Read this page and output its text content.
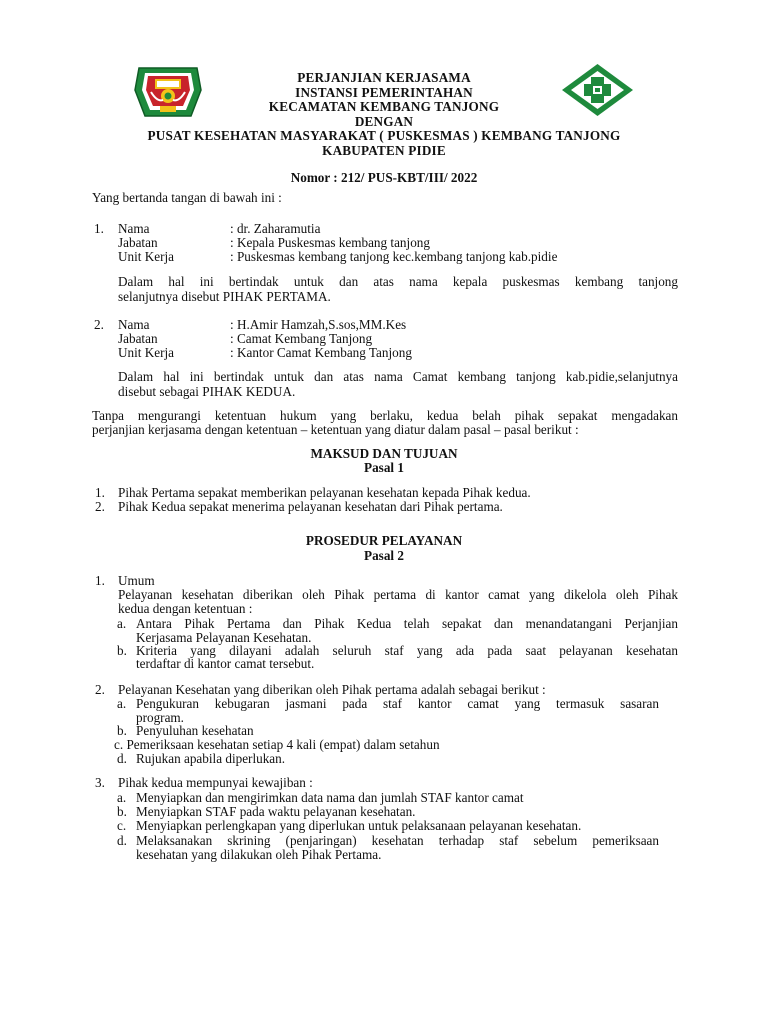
PERJANJIAN KERJASAMA
INSTANSI PEMERINTAHAN
KECAMATAN KEMBANG TANJONG
DENGAN
PUSAT KESEHATAN MASYARAKAT ( PUSKESMAS ) KEMBANG TANJONG
KABUPATEN PIDIE
Nomor : 212/ PUS-KBT/III/ 2022
Yang bertanda tangan di bawah ini :
1. Nama	: dr. Zaharamutia
Jabatan	: Kepala Puskesmas kembang tanjong
Unit Kerja	: Puskesmas kembang tanjong kec.kembang tanjong kab.pidie
Dalam hal ini bertindak untuk dan atas nama kepala puskesmas kembang tanjong
selanjutnya disebut PIHAK PERTAMA.
2. Nama	: H.Amir Hamzah,S.sos,MM.Kes
Jabatan	: Camat Kembang Tanjong
Unit Kerja	: Kantor Camat Kembang Tanjong
Dalam hal ini bertindak untuk dan atas nama Camat kembang tanjong kab.pidie,selanjutnya
disebut sebagai PIHAK KEDUA.
Tanpa mengurangi ketentuan hukum yang berlaku, kedua belah pihak sepakat mengadakan
perjanjian kerjasama dengan ketentuan – ketentuan yang diatur dalam pasal – pasal berikut :
MAKSUD DAN TUJUAN
Pasal 1
1. Pihak Pertama sepakat memberikan pelayanan kesehatan kepada Pihak kedua.
2. Pihak Kedua sepakat menerima pelayanan kesehatan dari Pihak pertama.
PROSEDUR PELAYANAN
Pasal 2
1. Umum
Pelayanan kesehatan diberikan oleh Pihak pertama di kantor camat yang dikelola oleh Pihak
kedua dengan ketentuan :
a. Antara Pihak Pertama dan Pihak Kedua telah sepakat dan menandatangani Perjanjian
Kerjasama Pelayanan Kesehatan.
b. Kriteria yang dilayani adalah seluruh staf yang ada pada saat pelayanan kesehatan
terdaftar di kantor camat tersebut.
2. Pelayanan Kesehatan yang diberikan oleh Pihak pertama adalah sebagai berikut :
a. Pengukuran kebugaran jasmani pada staf kantor camat yang termasuk sasaran
program.
b. Penyuluhan kesehatan
c. Pemeriksaan kesehatan setiap 4 kali (empat) dalam setahun
d. Rujukan apabila diperlukan.
3. Pihak kedua mempunyai kewajiban :
a. Menyiapkan dan mengirimkan data nama dan jumlah STAF kantor camat
b. Menyiapkan STAF pada waktu pelayanan kesehatan.
c. Menyiapkan perlengkapan yang diperlukan untuk pelaksanaan pelayanan kesehatan.
d. Melaksanakan skrining (penjaringan) kesehatan terhadap staf sebelum pemeriksaan
kesehatan yang dilakukan oleh Pihak Pertama.
